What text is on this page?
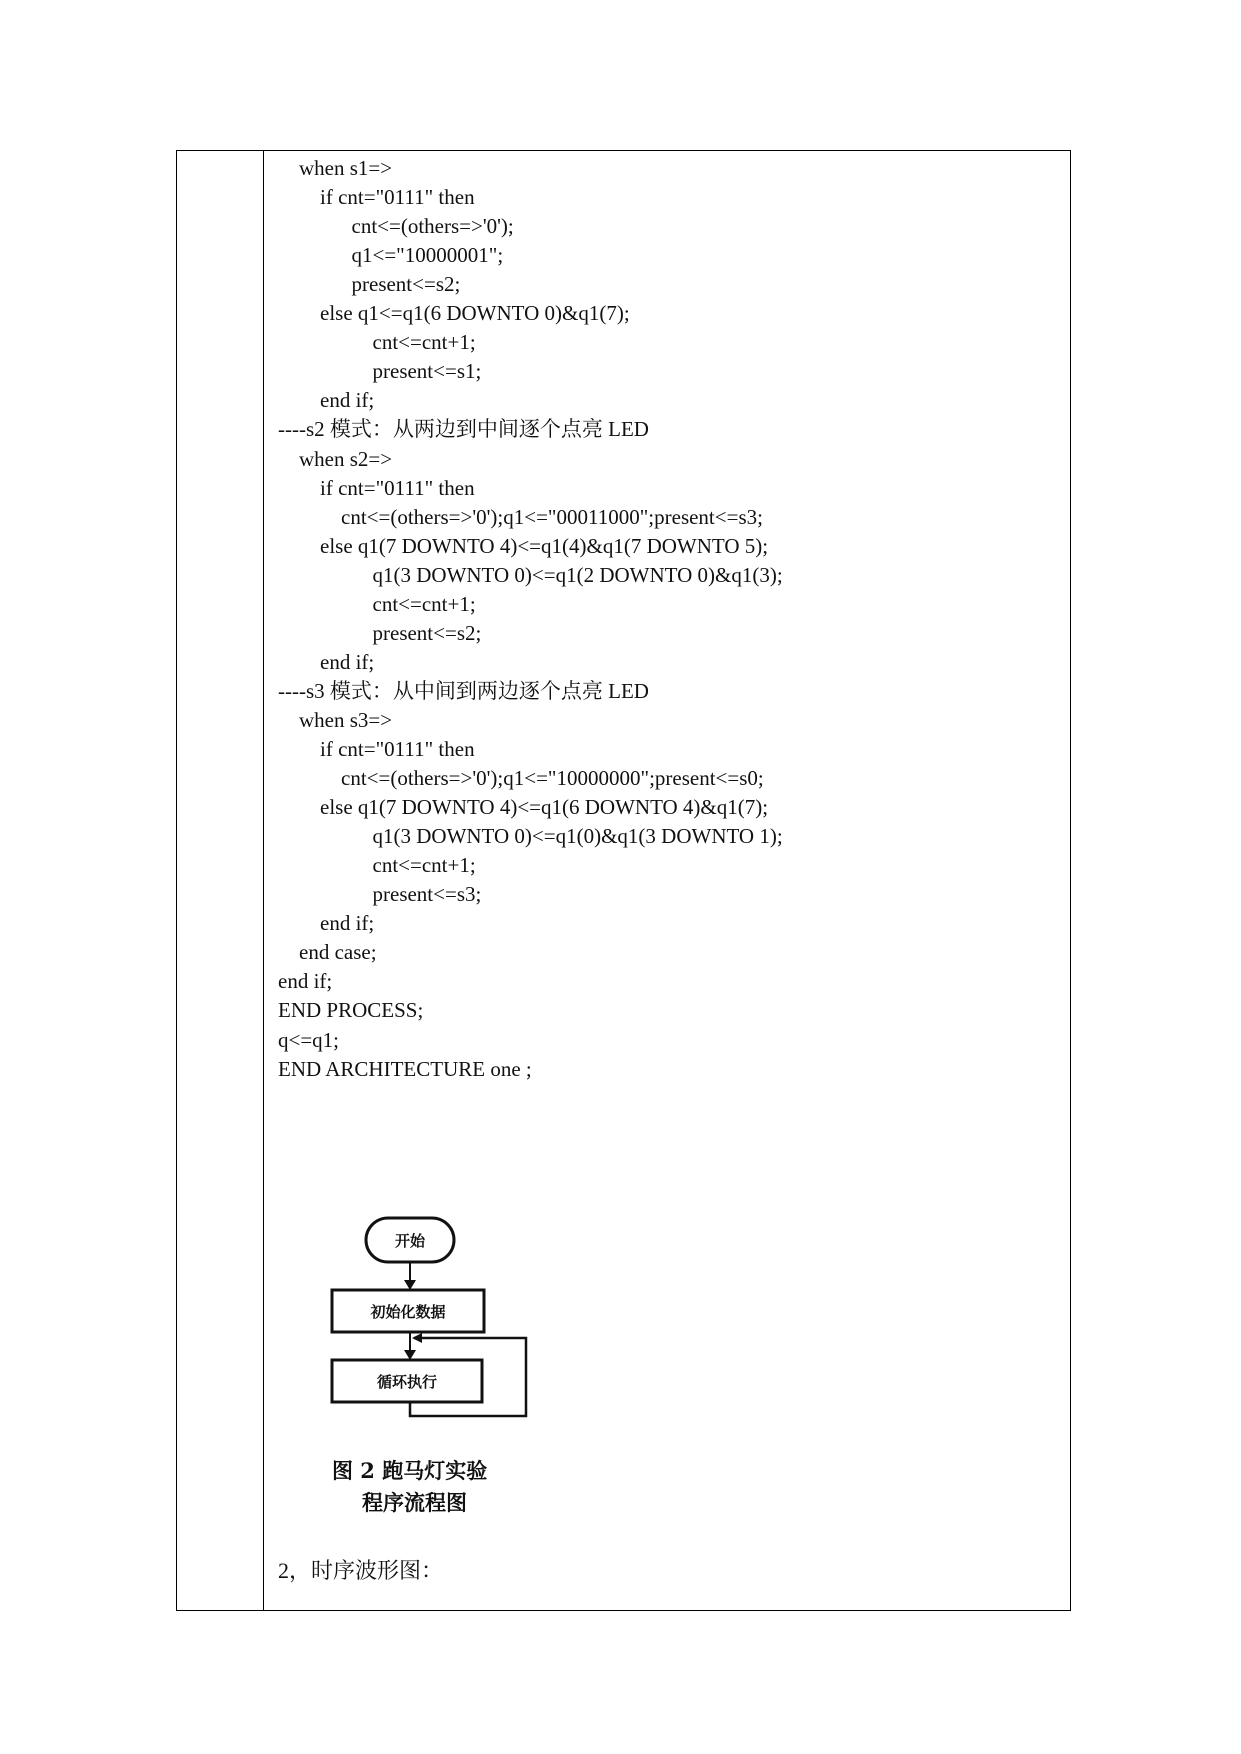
when s1=>
if cnt="0111" then
cnt<=(others=>'0');
q1<="10000001";
present<=s2;
else q1<=q1(6 DOWNTO 0)&q1(7);
cnt<=cnt+1;
present<=s1;
end if;
----s2 模式：从两边到中间逐个点亮 LED
when s2=>
if cnt="0111" then
cnt<=(others=>'0');q1<="00011000";present<=s3;
else q1(7 DOWNTO 4)<=q1(4)&q1(7 DOWNTO 5);
q1(3 DOWNTO 0)<=q1(2 DOWNTO 0)&q1(3);
cnt<=cnt+1;
present<=s2;
end if;
----s3 模式：从中间到两边逐个点亮 LED
when s3=>
if cnt="0111" then
cnt<=(others=>'0');q1<="10000000";present<=s0;
else q1(7 DOWNTO 4)<=q1(6 DOWNTO 4)&q1(7);
q1(3 DOWNTO 0)<=q1(0)&q1(3 DOWNTO 1);
cnt<=cnt+1;
present<=s3;
end if;
end case;
end if;
END PROCESS;
q<=q1;
END ARCHITECTURE one ;
开始
初始化数据
循环执行
图 2 跑马灯实验
程序流程图
2，时序波形图：
